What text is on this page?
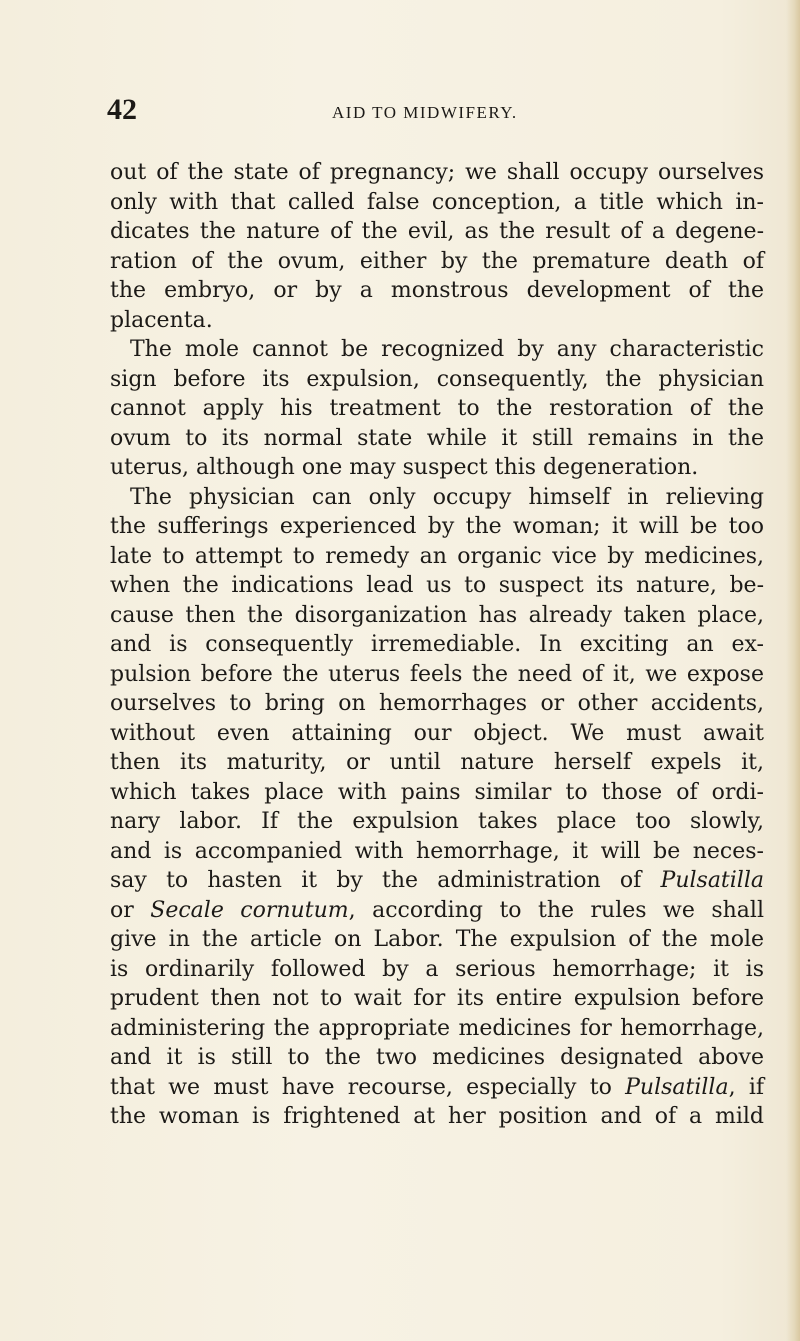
42	AID TO MIDWIFERY.
out of the state of pregnancy; we shall occupy ourselves
only with that called false conception, a title which in-
dicates the nature of the evil, as the result of a degene-
ration of the ovum, either by the premature death of
the embryo, or by a monstrous development of the
placenta.
The mole cannot be recognized by any characteristic
sign before its expulsion, consequently, the physician
cannot apply his treatment to the restoration of the
ovum to its normal state while it still remains in the
uterus, although one may suspect this degeneration.
The physician can only occupy himself in relieving
the sufferings experienced by the woman; it will be too
late to attempt to remedy an organic vice by medicines,
when the indications lead us to suspect its nature, be-
cause then the disorganization has already taken place,
and is consequently irremediable. In exciting an ex-
pulsion before the uterus feels the need of it, we expose
ourselves to bring on hemorrhages or other accidents,
without even attaining our object. We must await
then its maturity, or until nature herself expels it,
which takes place with pains similar to those of ordi-
nary labor. If the expulsion takes place too slowly,
and is accompanied with hemorrhage, it will be neces-
say to hasten it by the administration of Pulsatilla
or Secale cornutum, according to the rules we shall
give in the article on Labor. The expulsion of the mole
is ordinarily followed by a serious hemorrhage; it is
prudent then not to wait for its entire expulsion before
administering the appropriate medicines for hemorrhage,
and it is still to the two medicines designated above
that we must have recourse, especially to Pulsatilla, if
the woman is frightened at her position and of a mild
